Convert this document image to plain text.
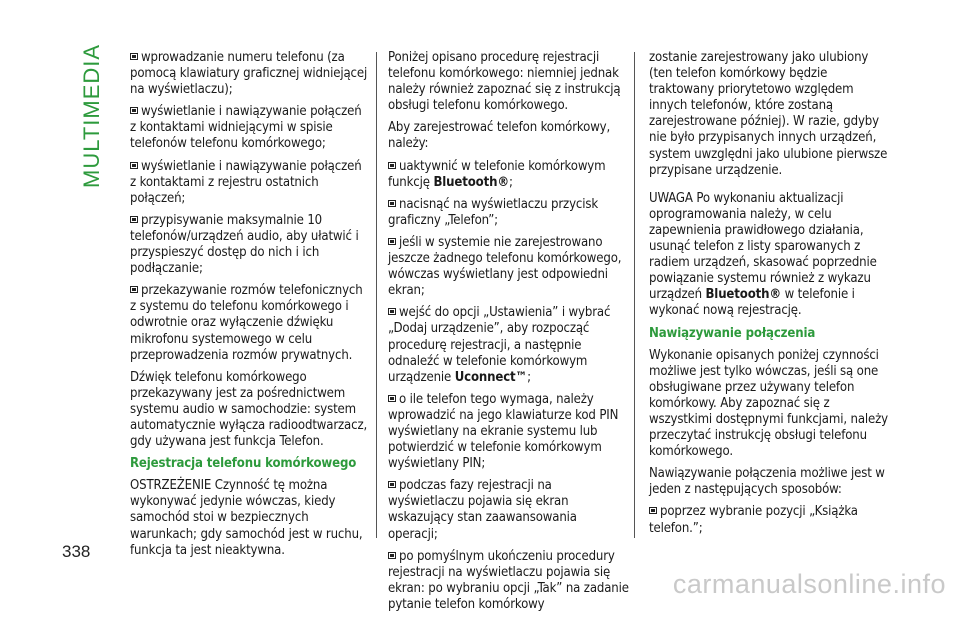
MULTIMEDIA	wprowadzanie numeru telefonu (za pomocą klawiatury graficznej widniejącej na wyświetlaczu);

wyświetlanie i nawiązywanie połączeń z kontaktami widniejącymi w spisie telefonów telefonu komórkowego;

wyświetlanie i nawiązywanie połączeń z kontaktami z rejestru ostatnich połączeń;

przypisywanie maksymalnie 10 telefonów/urządzeń audio, aby ułatwić i przyspieszyć dostęp do nich i ich podłączanie;

przekazywanie rozmów telefonicznych z systemu do telefonu komórkowego i odwrotnie oraz wyłączenie dźwięku mikrofonu systemowego w celu przeprowadzenia rozmów prywatnych.

Dźwięk telefonu komórkowego przekazywany jest za pośrednictwem systemu audio w samochodzie: system automatycznie wyłącza radioodtwarzacz, gdy używana jest funkcja Telefon.

Rejestracja telefonu komórkowego

OSTRZEŻENIE Czynność tę można wykonywać jedynie wówczas, kiedy samochód stoi w bezpiecznych warunkach; gdy samochód jest w ruchu, funkcja ta jest nieaktywna.

Poniżej opisano procedurę rejestracji telefonu komórkowego: niemniej jednak należy również zapoznać się z instrukcją obsługi telefonu komórkowego.

Aby zarejestrować telefon komórkowy, należy:

uaktywnić w telefonie komórkowym funkcję Bluetooth®;

nacisnąć na wyświetlaczu przycisk graficzny „Telefon”;

jeśli w systemie nie zarejestrowano jeszcze żadnego telefonu komórkowego, wówczas wyświetlany jest odpowiedni ekran;

wejść do opcji „Ustawienia” i wybrać „Dodaj urządzenie”, aby rozpocząć procedurę rejestracji, a następnie odnaleźć w telefonie komórkowym urządzenie Uconnect™;

o ile telefon tego wymaga, należy wprowadzić na jego klawiaturze kod PIN wyświetlany na ekranie systemu lub potwierdzić w telefonie komórkowym wyświetlany PIN;

podczas fazy rejestracji na wyświetlaczu pojawia się ekran wskazujący stan zaawansowania operacji;

po pomyślnym ukończeniu procedury rejestracji na wyświetlaczu pojawia się ekran: po wybraniu opcji „Tak” na zadanie pytanie telefon komórkowy

zostanie zarejestrowany jako ulubiony (ten telefon komórkowy będzie traktowany priorytetowo względem innych telefonów, które zostaną zarejestrowane później). W razie, gdyby nie było przypisanych innych urządzeń, system uwzględni jako ulubione pierwsze przypisane urządzenie.

UWAGA Po wykonaniu aktualizacji oprogramowania należy, w celu zapewnienia prawidłowego działania, usunąć telefon z listy sparowanych z radiem urządzeń, skasować poprzednie powiązanie systemu również z wykazu urządzeń Bluetooth® w telefonie i wykonać nową rejestrację.

Nawiązywanie połączenia

Wykonanie opisanych poniżej czynności możliwe jest tylko wówczas, jeśli są one obsługiwane przez używany telefon komórkowy. Aby zapoznać się z wszystkimi dostępnymi funkcjami, należy przeczytać instrukcję obsługi telefonu komórkowego.

Nawiązywanie połączenia możliwe jest w jeden z następujących sposobów:

poprzez wybranie pozycji „Książka telefon.”;

338
carmanualsonline.info
